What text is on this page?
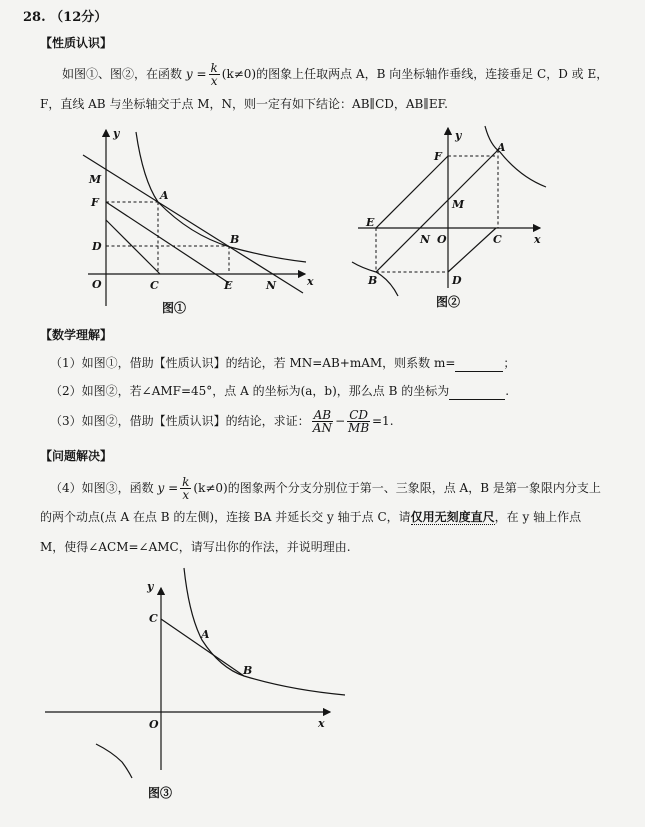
28. （12分）
【性质认识】
如图①、图②，在函数 $y = \frac{k}{x} (k\ne 0)$的图象上任取两点 A，B 向坐标轴作垂线，连接垂足 C，D 或 E，
F，直线 AB 与坐标轴交于点 M，N，则一定有如下结论：AB∥CD，AB∥EF.
y
x
O
M
F
A
D
B
C	E	N
图①
y
x
O
F
A
M
E
N	C
B	D
图②
y
x
O
C
A
B
图③
【数学理解】
（1）如图①，借助【性质认识】的结论，若 MN=AB+mAM，则系数 m=	；
（2）如图②，若∠AMF=45°，点 A 的坐标为(a，b)，那么点 B 的坐标为	.
（3）如图②，借助【性质认识】的结论，求证： $\frac{AB}{AN} - \frac{CD}{MB} =1$.
【问题解决】
（4）如图③，函数 $y = \frac{k}{x} (k\ne 0)$的图象两个分支分别位于第一、三象限，点 A，B 是第一象限内分支上
的两个动点(点 A 在点 B 的左侧)，连接 BA 并延长交 y 轴于点 C，请仅用无刻度直尺，在 y 轴上作点
M，使得∠ACM=∠AMC，请写出你的作法，并说明理由.
